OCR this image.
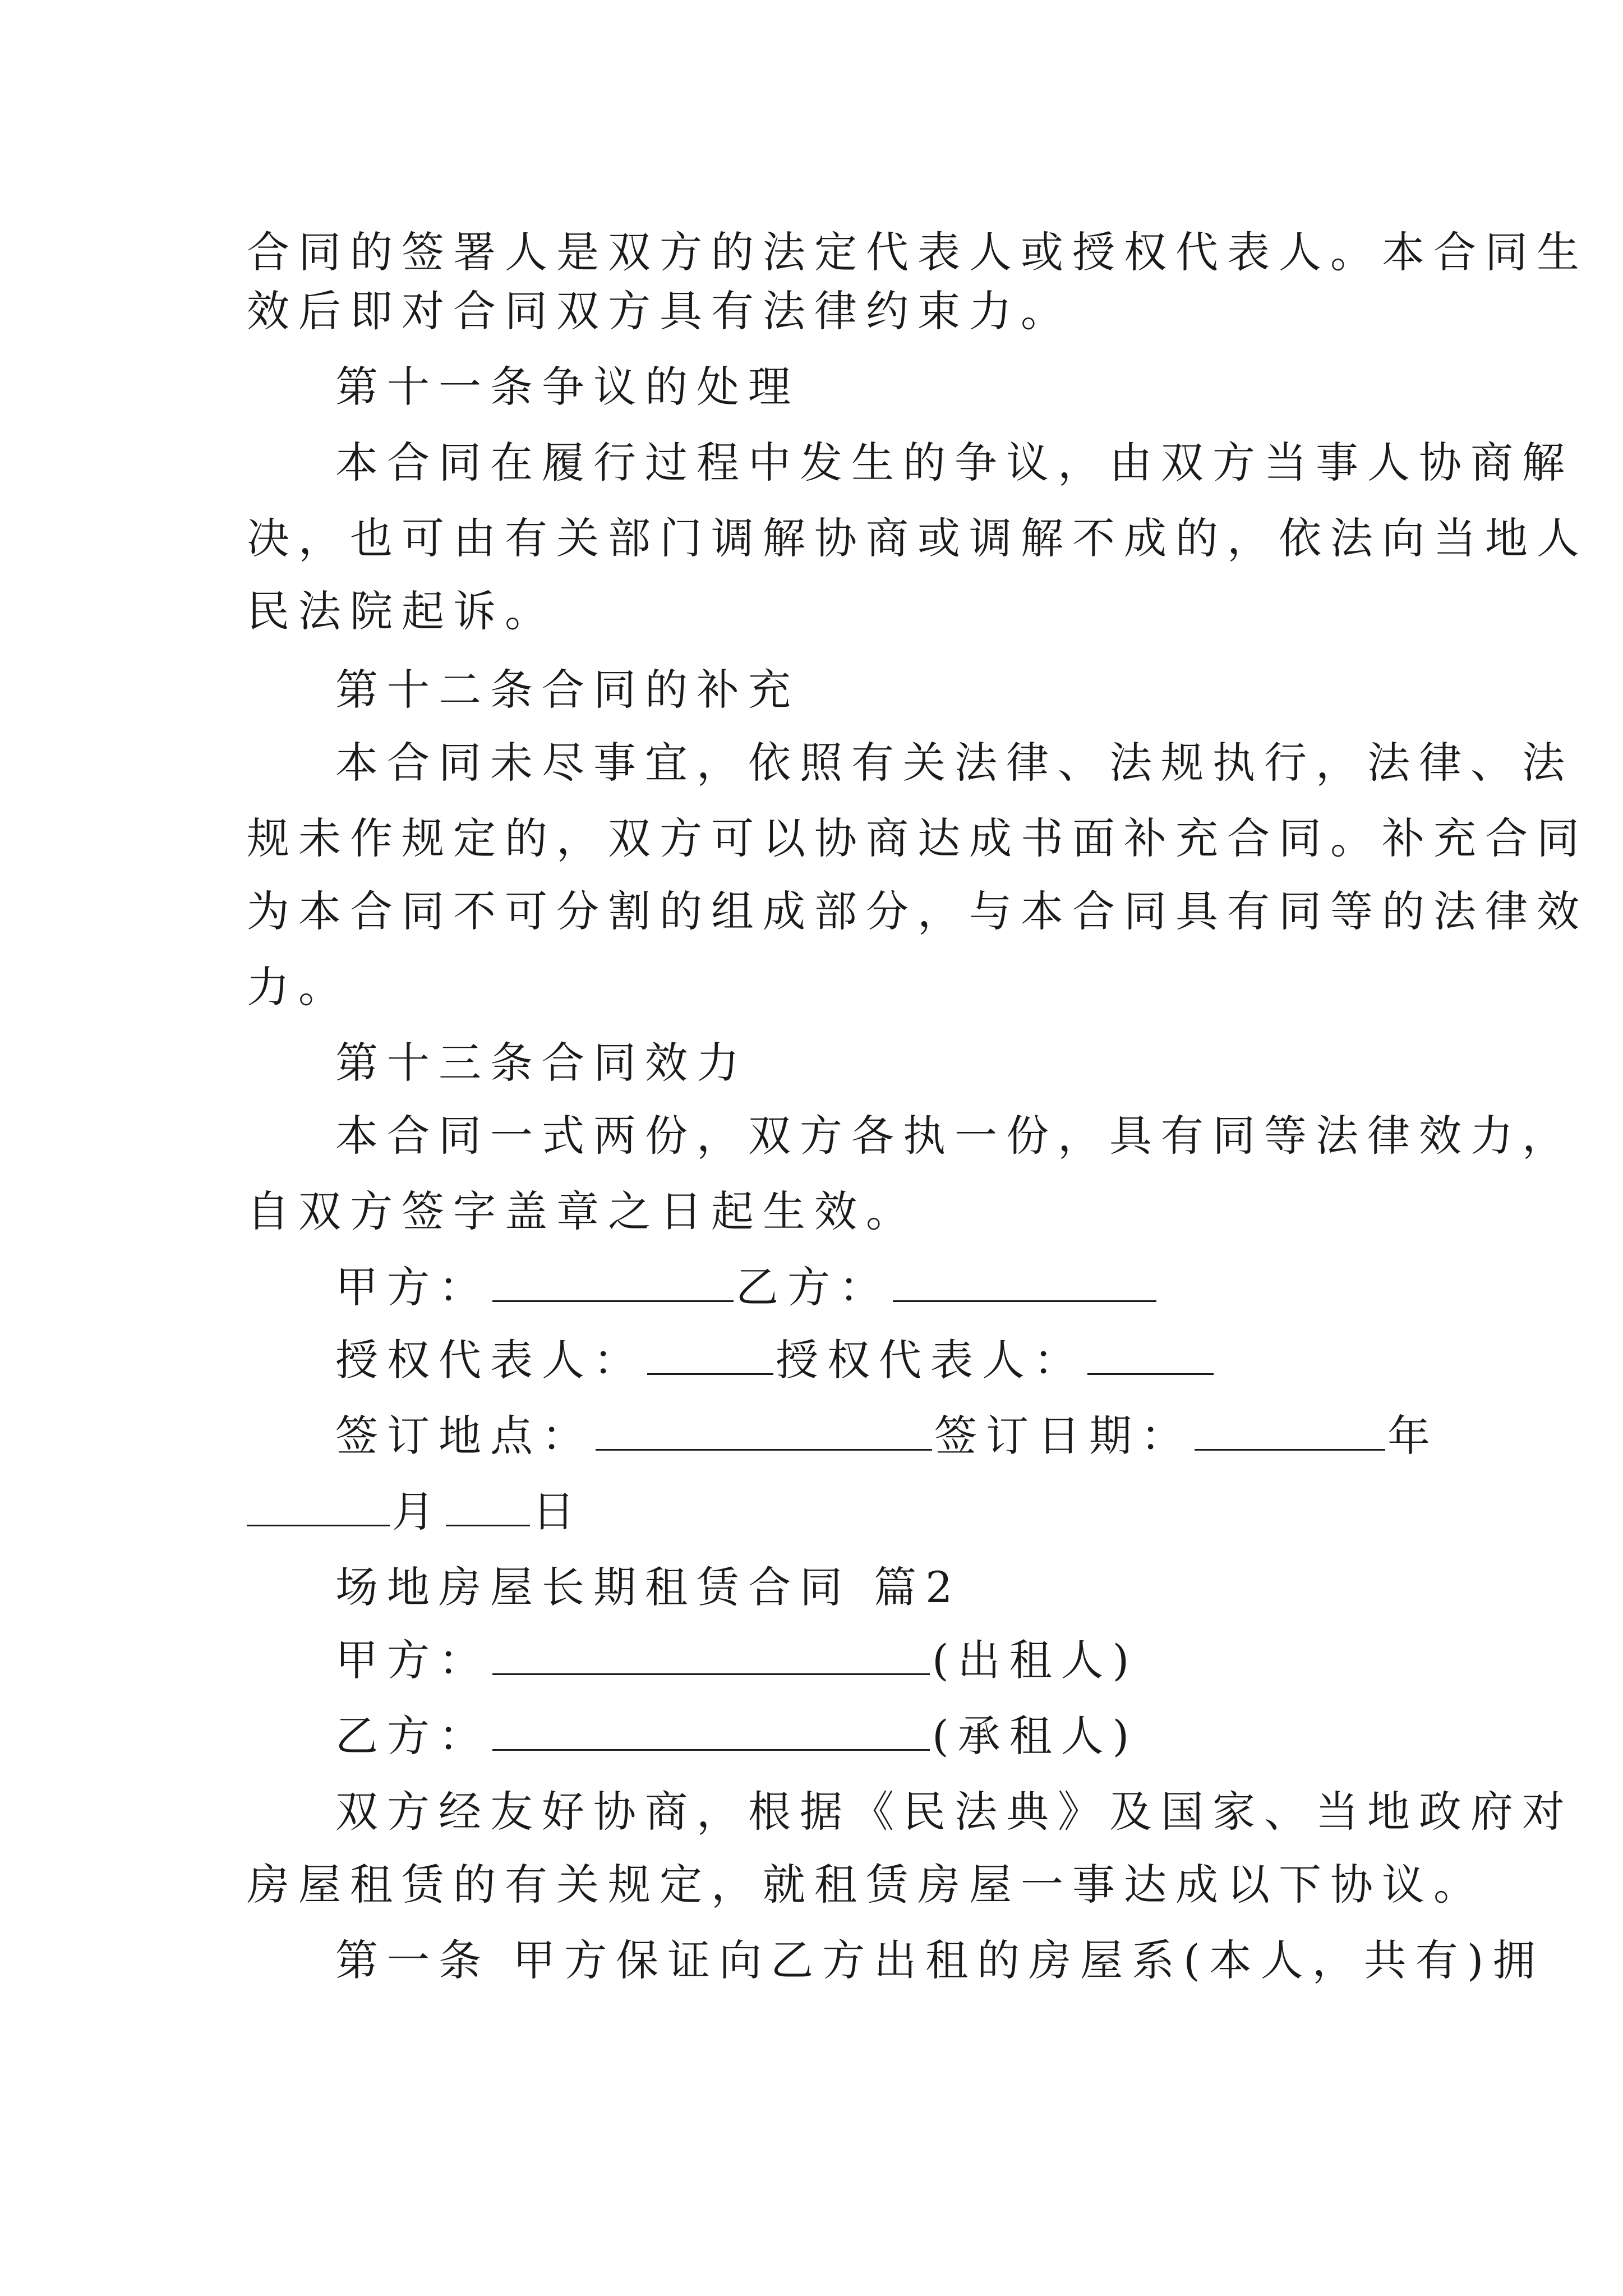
合同的签署人是双方的法定代表人或授权代表人。本合同生
效后即对合同双方具有法律约束力。
第十一条争议的处理
本合同在履行过程中发生的争议，由双方当事人协商解
决，也可由有关部门调解协商或调解不成的，依法向当地人
民法院起诉。
第十二条合同的补充
本合同未尽事宜，依照有关法律、法规执行，法律、法
规未作规定的，双方可以协商达成书面补充合同。补充合同
为本合同不可分割的组成部分，与本合同具有同等的法律效
力。
第十三条合同效力
本合同一式两份，双方各执一份，具有同等法律效力，
自双方签字盖章之日起生效。
甲方：	乙方：
授权代表人：	授权代表人：
签订地点：	签订日期：	年
月 日
场地房屋长期租赁合同 篇2
甲方：	(出租人)
乙方：	(承租人)
双方经友好协商，根据《民法典》及国家、当地政府对
房屋租赁的有关规定，就租赁房屋一事达成以下协议。
第一条 甲方保证向乙方出租的房屋系(本人，共有)拥
